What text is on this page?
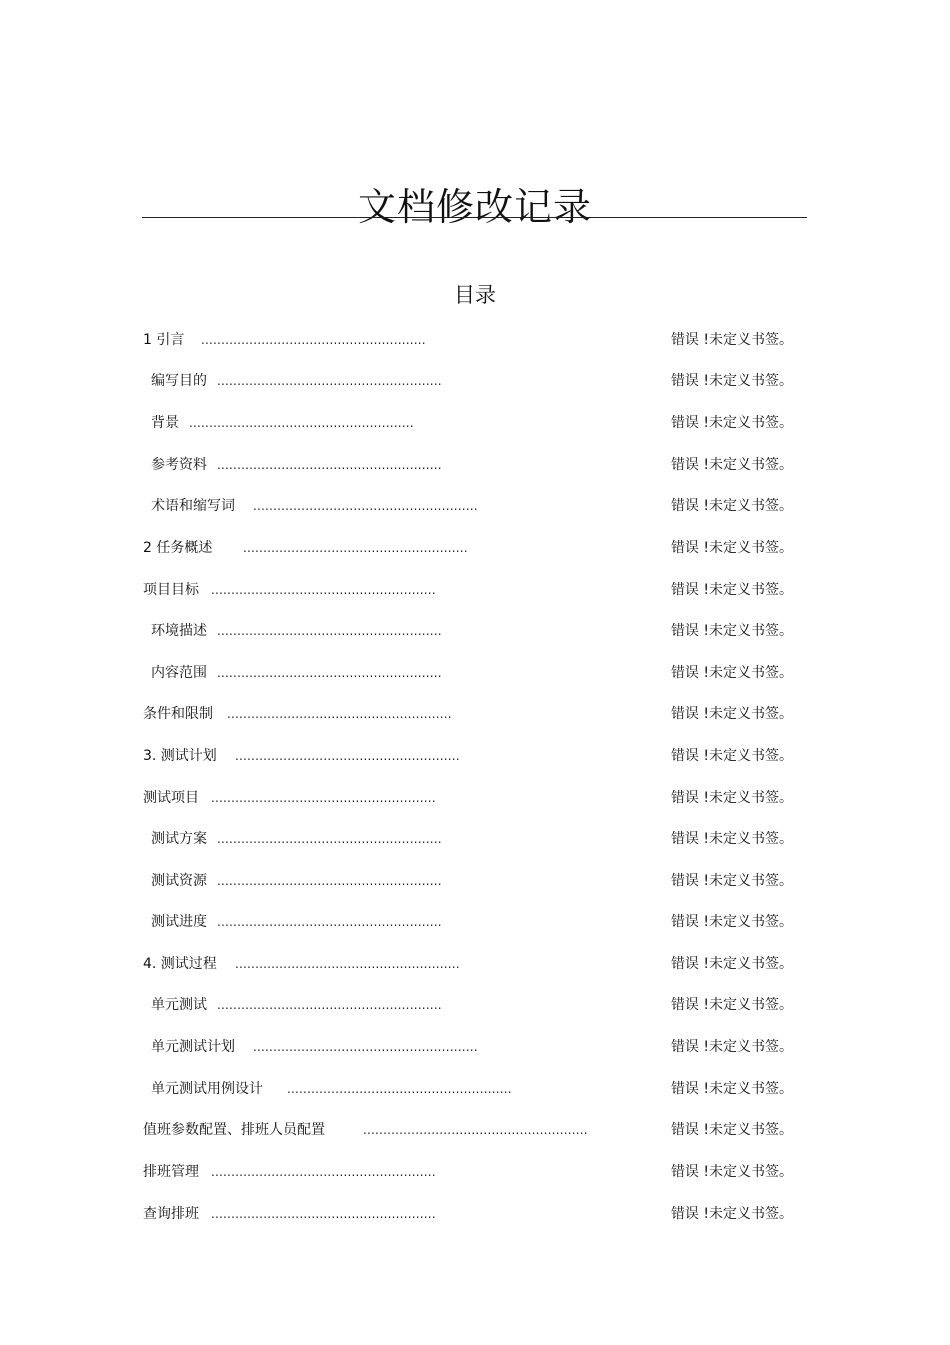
文档修改记录
目录
1 引言 ........................................................	错误 !未定义书签。
编写目的 ........................................................	错误 !未定义书签。
背景 ........................................................	错误 !未定义书签。
参考资料 ........................................................	错误 !未定义书签。
术语和缩写词 ........................................................	错误 !未定义书签。
2 任务概述	........................................................	错误 !未定义书签。
项目目标 ........................................................	错误 !未定义书签。
环境描述 ........................................................	错误 !未定义书签。
内容范围 ........................................................	错误 !未定义书签。
条件和限制 ........................................................	错误 !未定义书签。
3. 测试计划 ........................................................	错误 !未定义书签。
测试项目 ........................................................	错误 !未定义书签。
测试方案 ........................................................	错误 !未定义书签。
测试资源 ........................................................	错误 !未定义书签。
测试进度 ........................................................	错误 !未定义书签。
4. 测试过程 ........................................................	错误 !未定义书签。
单元测试 ........................................................	错误 !未定义书签。
单元测试计划 ........................................................	错误 !未定义书签。
单元测试用例设计 ........................................................	错误 !未定义书签。
值班参数配置、排班人员配置	........................................................	错误 !未定义书签。
排班管理 ........................................................	错误 !未定义书签。
查询排班 ........................................................	错误 !未定义书签。
